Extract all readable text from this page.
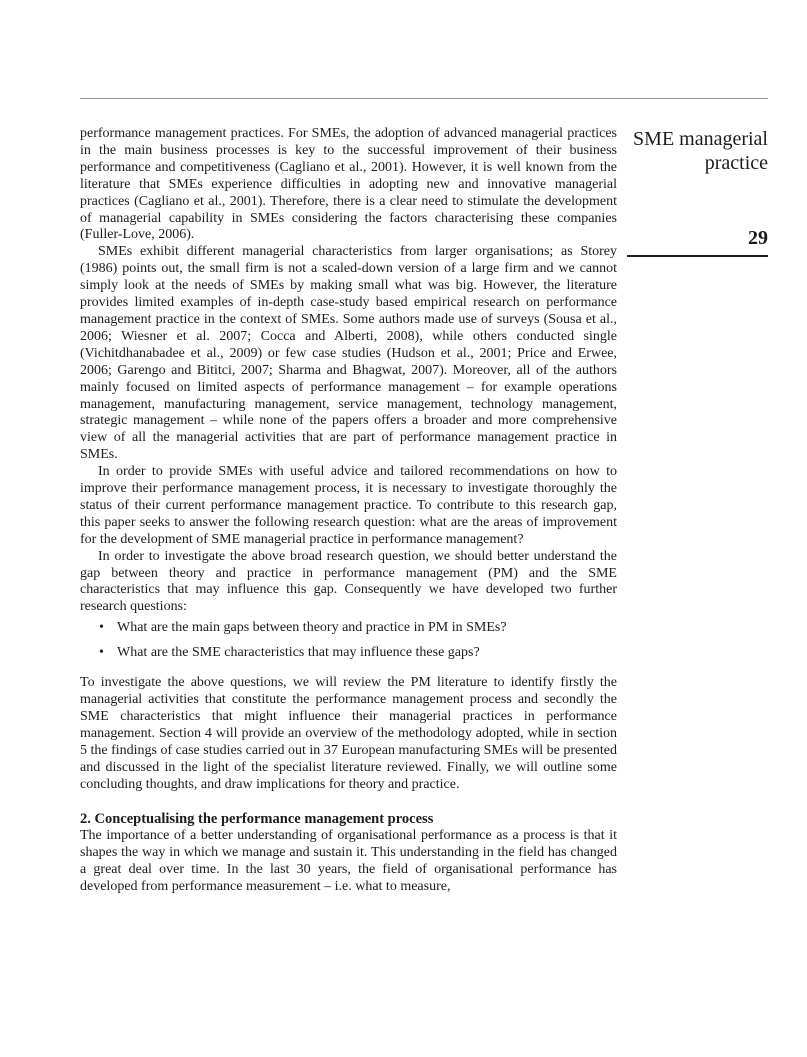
SME managerial practice
29

performance management practices. For SMEs, the adoption of advanced managerial practices in the main business processes is key to the successful improvement of their business performance and competitiveness (Cagliano et al., 2001). However, it is well known from the literature that SMEs experience difficulties in adopting new and innovative managerial practices (Cagliano et al., 2001). Therefore, there is a clear need to stimulate the development of managerial capability in SMEs considering the factors characterising these companies (Fuller-Love, 2006).

SMEs exhibit different managerial characteristics from larger organisations; as Storey (1986) points out, the small firm is not a scaled-down version of a large firm and we cannot simply look at the needs of SMEs by making small what was big. However, the literature provides limited examples of in-depth case-study based empirical research on performance management practice in the context of SMEs. Some authors made use of surveys (Sousa et al., 2006; Wiesner et al. 2007; Cocca and Alberti, 2008), while others conducted single (Vichitdhanabadee et al., 2009) or few case studies (Hudson et al., 2001; Price and Erwee, 2006; Garengo and Bititci, 2007; Sharma and Bhagwat, 2007). Moreover, all of the authors mainly focused on limited aspects of performance management – for example operations management, manufacturing management, service management, technology management, strategic management – while none of the papers offers a broader and more comprehensive view of all the managerial activities that are part of performance management practice in SMEs.

In order to provide SMEs with useful advice and tailored recommendations on how to improve their performance management process, it is necessary to investigate thoroughly the status of their current performance management practice. To contribute to this research gap, this paper seeks to answer the following research question: what are the areas of improvement for the development of SME managerial practice in performance management?

In order to investigate the above broad research question, we should better understand the gap between theory and practice in performance management (PM) and the SME characteristics that may influence this gap. Consequently we have developed two further research questions:

• What are the main gaps between theory and practice in PM in SMEs?
• What are the SME characteristics that may influence these gaps?

To investigate the above questions, we will review the PM literature to identify firstly the managerial activities that constitute the performance management process and secondly the SME characteristics that might influence their managerial practices in performance management. Section 4 will provide an overview of the methodology adopted, while in section 5 the findings of case studies carried out in 37 European manufacturing SMEs will be presented and discussed in the light of the specialist literature reviewed. Finally, we will outline some concluding thoughts, and draw implications for theory and practice.

2. Conceptualising the performance management process

The importance of a better understanding of organisational performance as a process is that it shapes the way in which we manage and sustain it. This understanding in the field has changed a great deal over time. In the last 30 years, the field of organisational performance has developed from performance measurement – i.e. what to measure,
